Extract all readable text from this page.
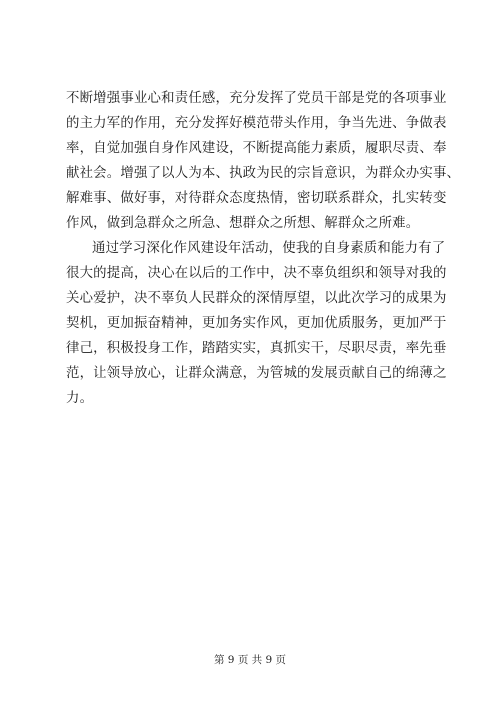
不断增强事业心和责任感，充分发挥了党员干部是党的各项事业
的主力军的作用，充分发挥好模范带头作用，争当先进、争做表
率，自觉加强自身作风建设，不断提高能力素质，履职尽责、奉
献社会。增强了以人为本、执政为民的宗旨意识，为群众办实事、
解难事、做好事，对待群众态度热情，密切联系群众，扎实转变
作风，做到急群众之所急、想群众之所想、解群众之所难。

通过学习深化作风建设年活动，使我的自身素质和能力有了
很大的提高，决心在以后的工作中，决不辜负组织和领导对我的
关心爱护，决不辜负人民群众的深情厚望，以此次学习的成果为
契机，更加振奋精神，更加务实作风，更加优质服务，更加严于
律己，积极投身工作，踏踏实实，真抓实干，尽职尽责，率先垂
范，让领导放心，让群众满意，为管城的发展贡献自己的绵薄之
力。

第 9 页 共 9 页
